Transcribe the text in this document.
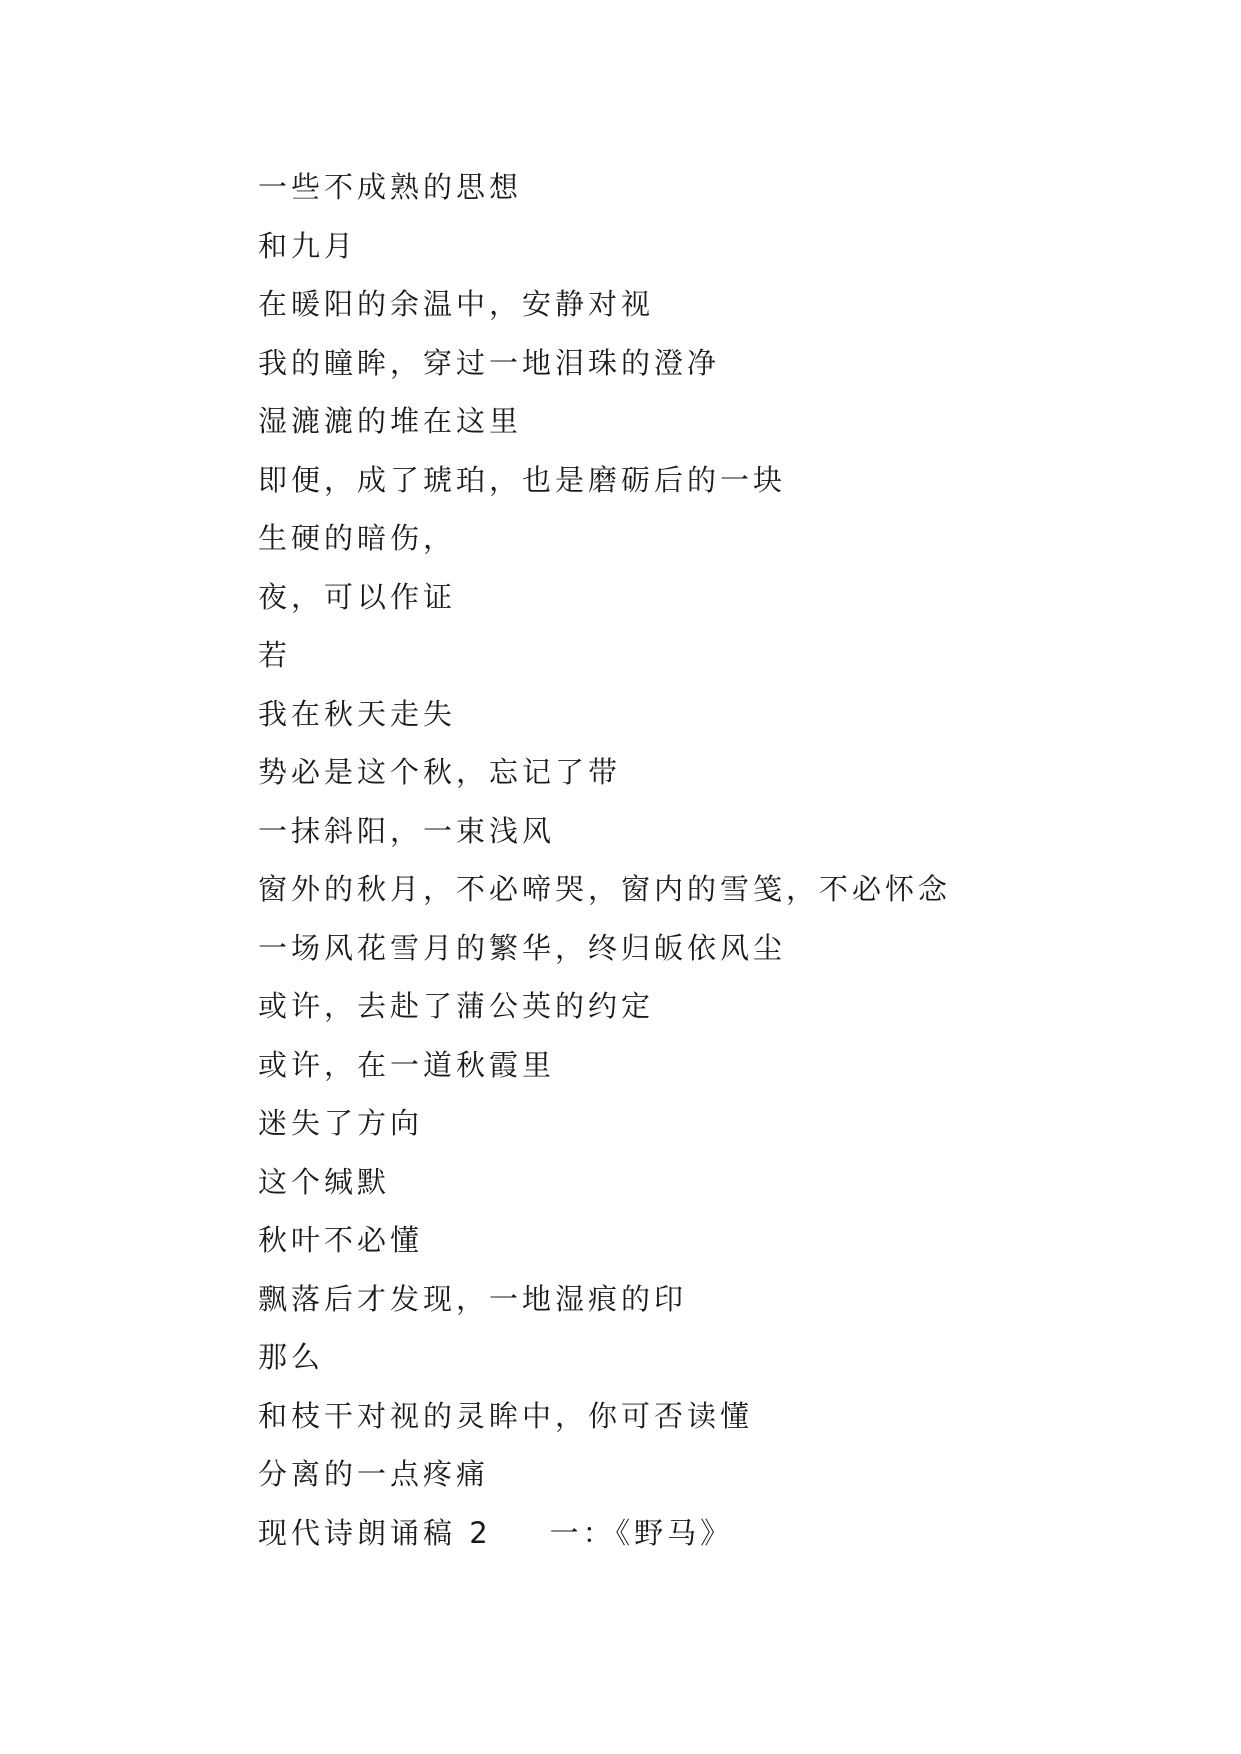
一些不成熟的思想
和九月
在暖阳的余温中，安静对视
我的瞳眸，穿过一地泪珠的澄净
湿漉漉的堆在这里
即便，成了琥珀，也是磨砺后的一块
生硬的暗伤，
夜，可以作证
若
我在秋天走失
势必是这个秋，忘记了带
一抹斜阳，一束浅风
窗外的秋月，不必啼哭，窗内的雪笺，不必怀念
一场风花雪月的繁华，终归皈依风尘
或许，去赴了蒲公英的约定
或许，在一道秋霞里
迷失了方向
这个缄默
秋叶不必懂
飘落后才发现，一地湿痕的印
那么
和枝干对视的灵眸中，你可否读懂
分离的一点疼痛
现代诗朗诵稿 2 一：《野马》
